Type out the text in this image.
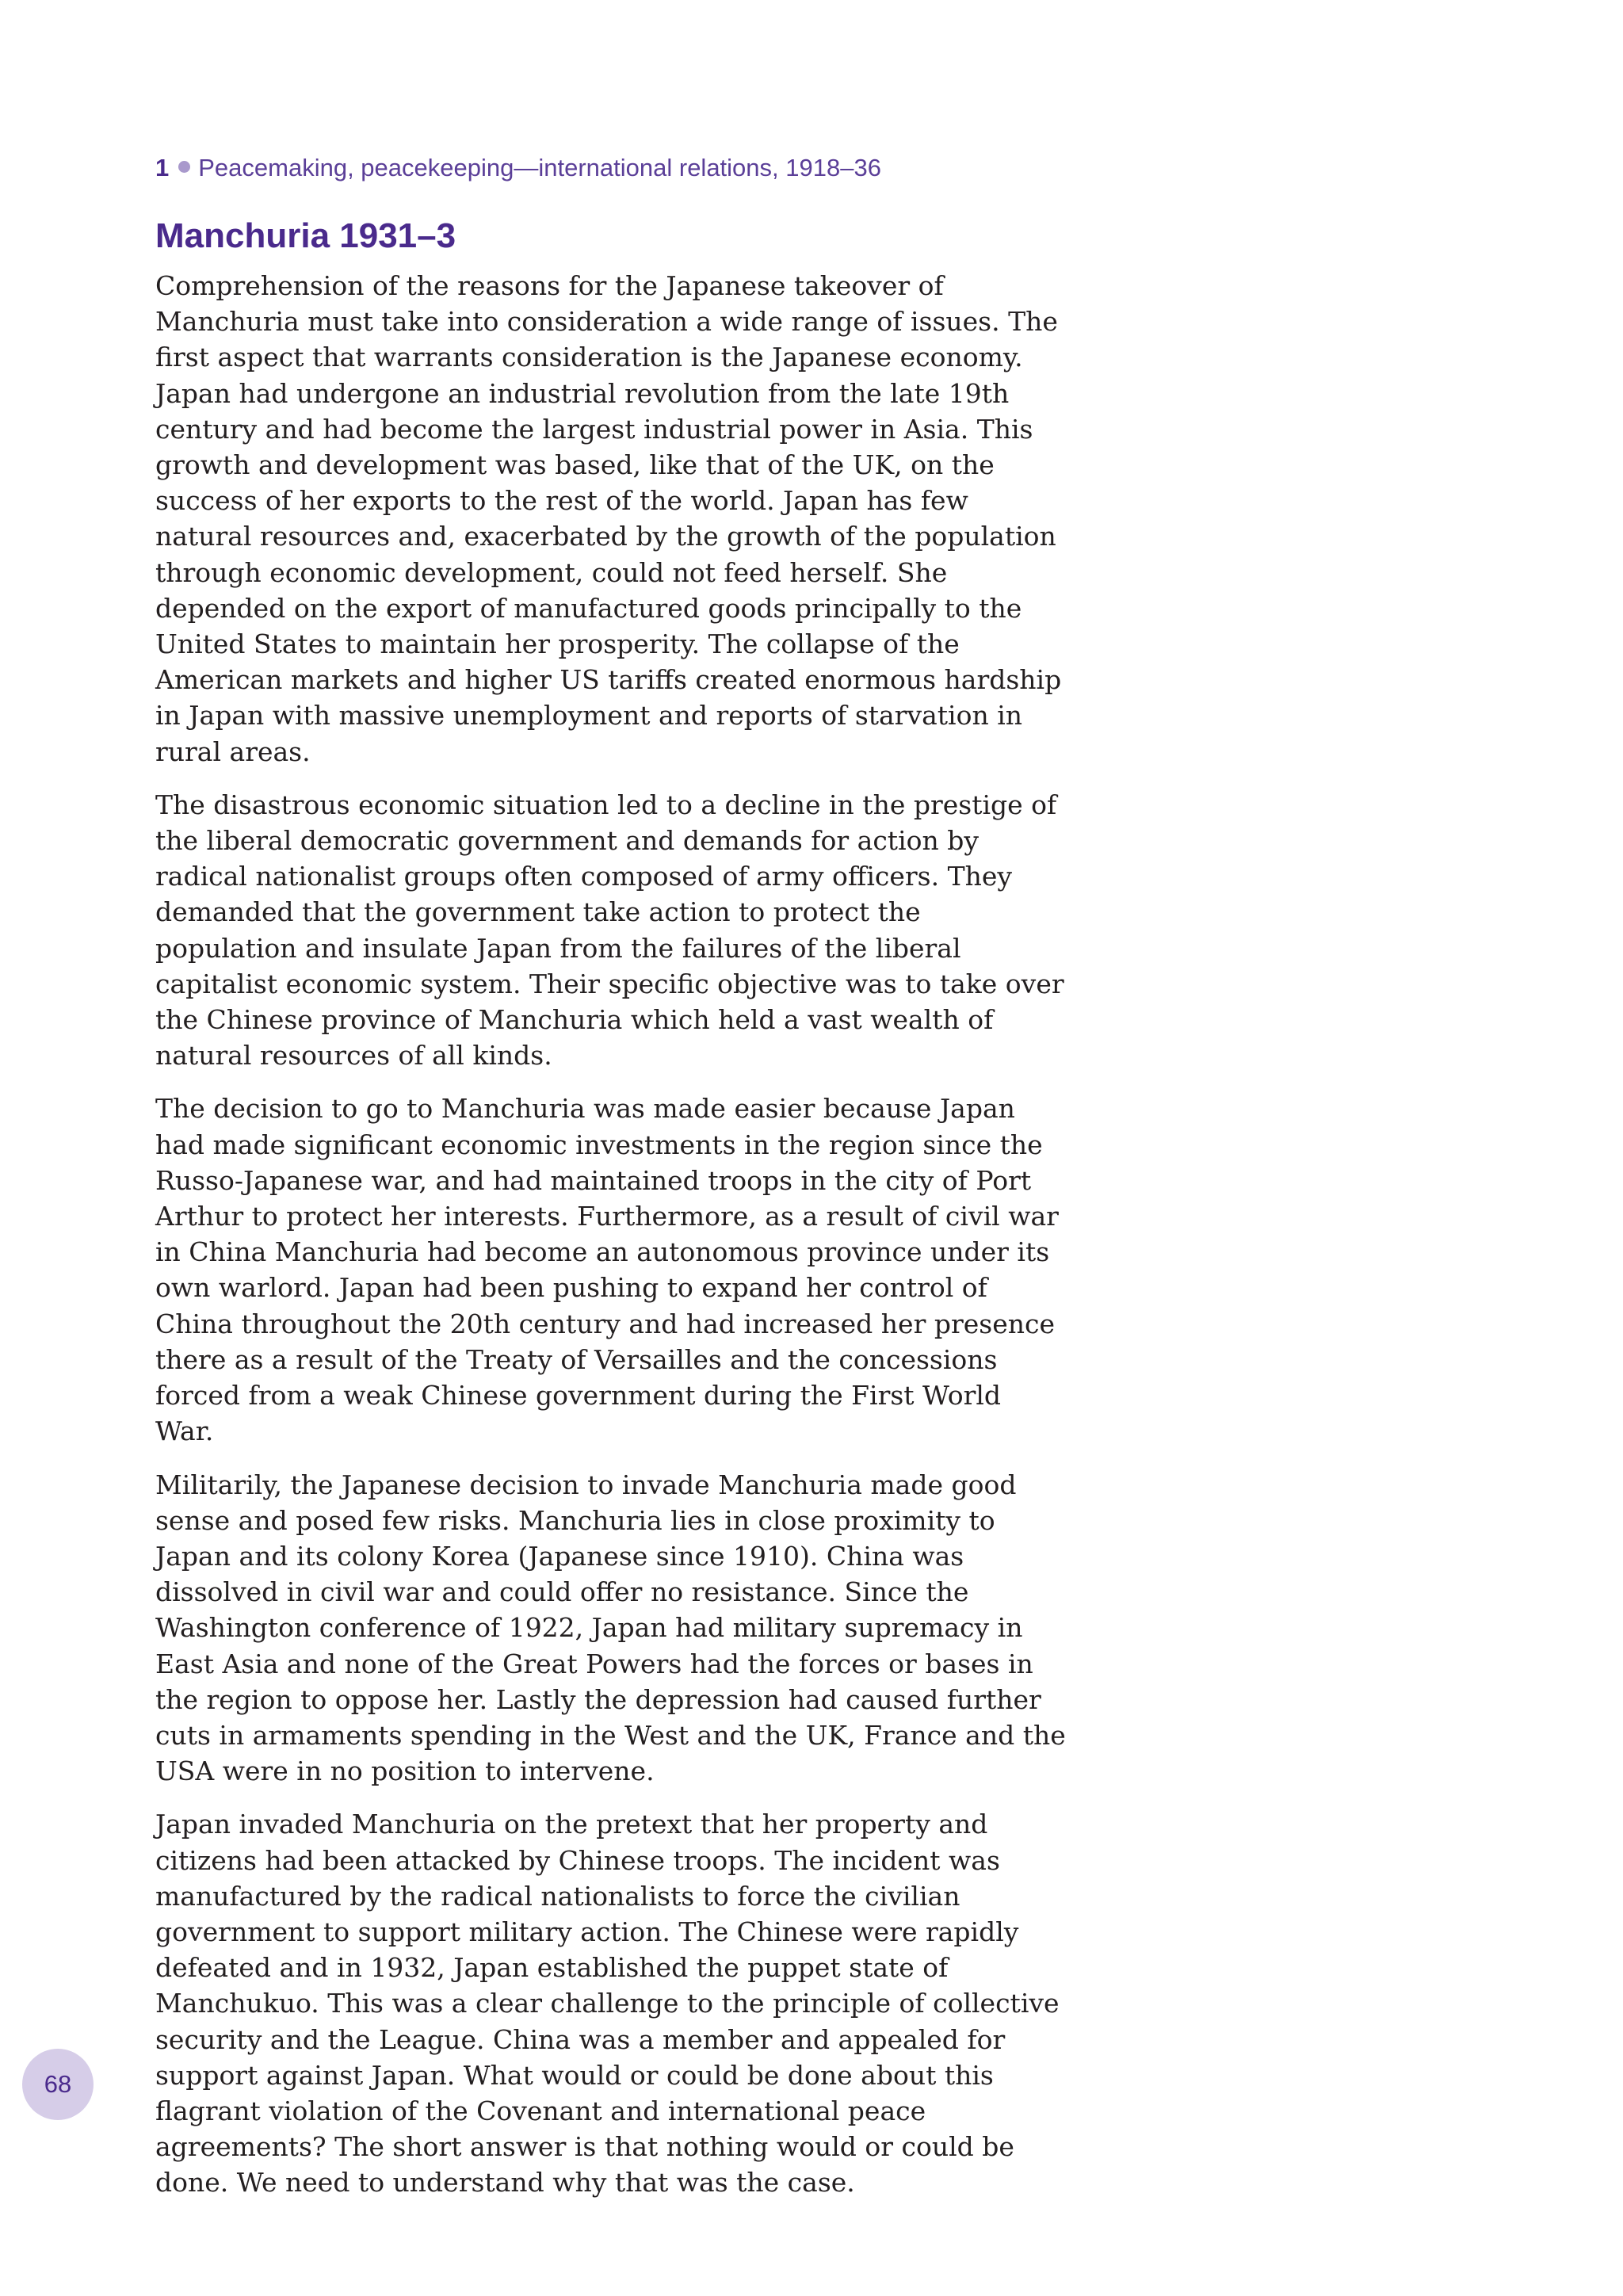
1 Peacemaking, peacekeeping—international relations, 1918–36
Manchuria 1931–3

Comprehension of the reasons for the Japanese takeover of Manchuria must take into consideration a wide range of issues. The first aspect that warrants consideration is the Japanese economy. Japan had undergone an industrial revolution from the late 19th century and had become the largest industrial power in Asia. This growth and development was based, like that of the UK, on the success of her exports to the rest of the world. Japan has few natural resources and, exacerbated by the growth of the population through economic development, could not feed herself. She depended on the export of manufactured goods principally to the United States to maintain her prosperity. The collapse of the American markets and higher US tariffs created enormous hardship in Japan with massive unemployment and reports of starvation in rural areas.

The disastrous economic situation led to a decline in the prestige of the liberal democratic government and demands for action by radical nationalist groups often composed of army officers. They demanded that the government take action to protect the population and insulate Japan from the failures of the liberal capitalist economic system. Their specific objective was to take over the Chinese province of Manchuria which held a vast wealth of natural resources of all kinds.

The decision to go to Manchuria was made easier because Japan had made significant economic investments in the region since the Russo-Japanese war, and had maintained troops in the city of Port Arthur to protect her interests. Furthermore, as a result of civil war in China Manchuria had become an autonomous province under its own warlord. Japan had been pushing to expand her control of China throughout the 20th century and had increased her presence there as a result of the Treaty of Versailles and the concessions forced from a weak Chinese government during the First World War.

Militarily, the Japanese decision to invade Manchuria made good sense and posed few risks. Manchuria lies in close proximity to Japan and its colony Korea (Japanese since 1910). China was dissolved in civil war and could offer no resistance. Since the Washington conference of 1922, Japan had military supremacy in East Asia and none of the Great Powers had the forces or bases in the region to oppose her. Lastly the depression had caused further cuts in armaments spending in the West and the UK, France and the USA were in no position to intervene.

Japan invaded Manchuria on the pretext that her property and citizens had been attacked by Chinese troops. The incident was manufactured by the radical nationalists to force the civilian government to support military action. The Chinese were rapidly defeated and in 1932, Japan established the puppet state of Manchukuo. This was a clear challenge to the principle of collective security and the League. China was a member and appealed for support against Japan. What would or could be done about this flagrant violation of the Covenant and international peace agreements? The short answer is that nothing would or could be done. We need to understand why that was the case.

68
